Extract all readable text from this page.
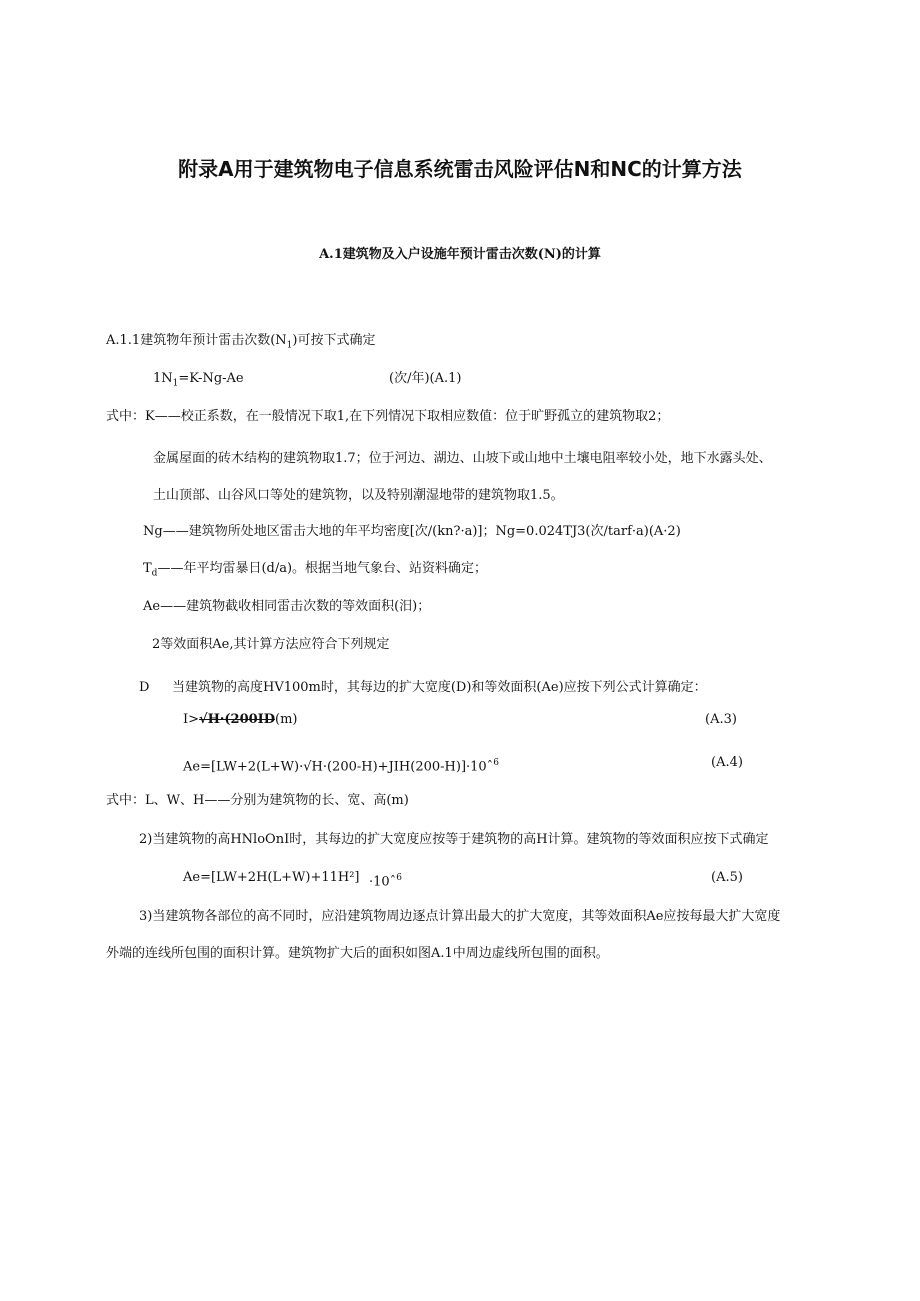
附录A用于建筑物电子信息系统雷击风险评估N和NC的计算方法
A.1建筑物及入户设施年预计雷击次数(N)的计算
A.1.1建筑物年预计雷击次数$(N_1)$可按下式确定
$1N_1=K-Ng-Ae$	(次/年)(A.1)
式中：K——校正系数，在一般情况下取1,在下列情况下取相应数值：位于旷野孤立的建筑物取2；
金属屋面的砖木结构的建筑物取1.7；位于河边、湖边、山坡下或山地中土壤电阻率较小处，地下水露头处、
土山顶部、山谷风口等处的建筑物，以及特别潮湿地带的建筑物取1.5。
Ng——建筑物所处地区雷击大地的年平均密度[次/(kn?·a)]；Ng=0.024TJ3(次/tarf·a)(A·2)
$T_d——$年平均雷暴日(d/a)。根据当地气象台、站资料确定；
Ae——建筑物截收相同雷击次数的等效面积(汨)；
2等效面积Ae,其计算方法应符合下列规定
D 当建筑物的高度HV100m时，其每边的扩大宽度(D)和等效面积(Ae)应按下列公式计算确定：
I>√H·(200ID(m)	(A.3)
Ae=[LW+2(L+W)·√H·(200-H)+JIH(200-H)]·10ˆ$^6$	(A.4)
式中：L、W、H——分别为建筑物的长、宽、高(m)
2)当建筑物的高HNloOnI时，其每边的扩大宽度应按等于建筑物的高H计算。建筑物的等效面积应按下式确定
Ae=[LW+2H(L+W)+11H²] ·10ˆ$^6$	(A.5)
3)当建筑物各部位的高不同时，应沿建筑物周边逐点计算出最大的扩大宽度，其等效面积Ae应按每最大扩大宽度
外端的连线所包围的面积计算。建筑物扩大后的面积如图A.1中周边虚线所包围的面积。
